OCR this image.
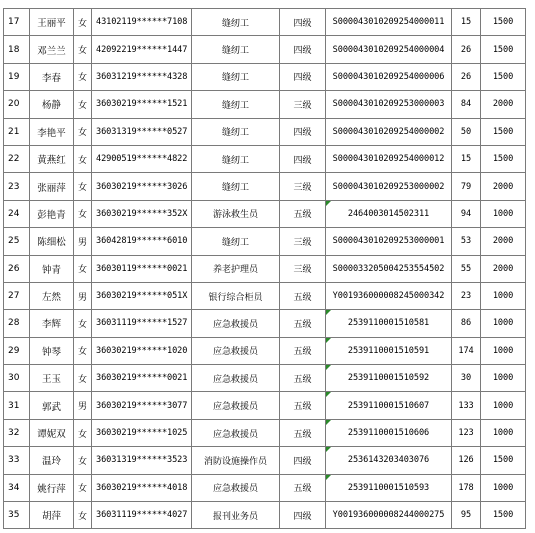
17	王丽平	女	43102119******7108	缝纫工	四级	S000043010209254000011	15	1500
18	邓兰兰	女	42092219******1447	缝纫工	四级	S000043010209254000004	26	1500
19	李春	女	36031219******4328	缝纫工	四级	S000043010209254000006	26	1500
20	杨静	女	36030219******1521	缝纫工	三级	S000043010209253000003	84	2000
21	李艳平	女	36031319******0527	缝纫工	四级	S000043010209254000002	50	1500
22	黄燕红	女	42900519******4822	缝纫工	四级	S000043010209254000012	15	1500
23	张丽萍	女	36030219******3026	缝纫工	三级	S000043010209253000002	79	2000
24	彭艳青	女	36030219******352X	游泳救生员	五级	2464003014502311	94	1000
25	陈细松	男	36042819******6010	缝纫工	三级	S000043010209253000001	53	2000
26	钟青	女	36030119******0021	养老护理员	三级	S000033205004253554502	55	2000
27	左然	男	36030219******051X	银行综合柜员	五级	Y001936000008245000342	23	1000
28	李辉	女	36031119******1527	应急救援员	五级	2539110001510581	86	1000
29	钟琴	女	36030219******1020	应急救援员	五级	2539110001510591	174	1000
30	王玉	女	36030219******0021	应急救援员	五级	2539110001510592	30	1000
31	郭武	男	36030219******3077	应急救援员	五级	2539110001510607	133	1000
32	谭妮双	女	36030219******1025	应急救援员	五级	2539110001510606	123	1000
33	温玲	女	36031319******3523	消防设施操作员	四级	2536143203403076	126	1500
34	姚行萍	女	36030219******4018	应急救援员	五级	2539110001510593	178	1000
35	胡萍	女	36031119******4027	报刊业务员	四级	Y001936000008244000275	95	1500
